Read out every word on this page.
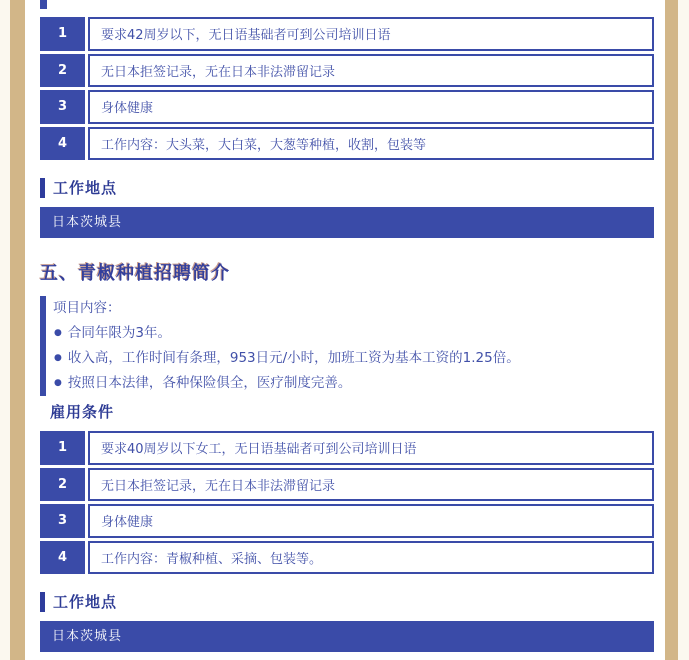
1	要求42周岁以下，无日语基础者可到公司培训日语
2	无日本拒签记录，无在日本非法滞留记录
3	身体健康
4	工作内容：大头菜，大白菜，大葱等种植，收割，包装等
工作地点
日本茨城县
五、青椒种植招聘简介
项目内容：
● 合同年限为3年。
● 收入高，工作时间有条理，953日元/小时，加班工资为基本工资的1.25倍。
● 按照日本法律，各种保险俱全，医疗制度完善。
雇用条件
1	要求40周岁以下女工，无日语基础者可到公司培训日语
2	无日本拒签记录，无在日本非法滞留记录
3	身体健康
4	工作内容：青椒种植、采摘、包装等。
工作地点
日本茨城县
